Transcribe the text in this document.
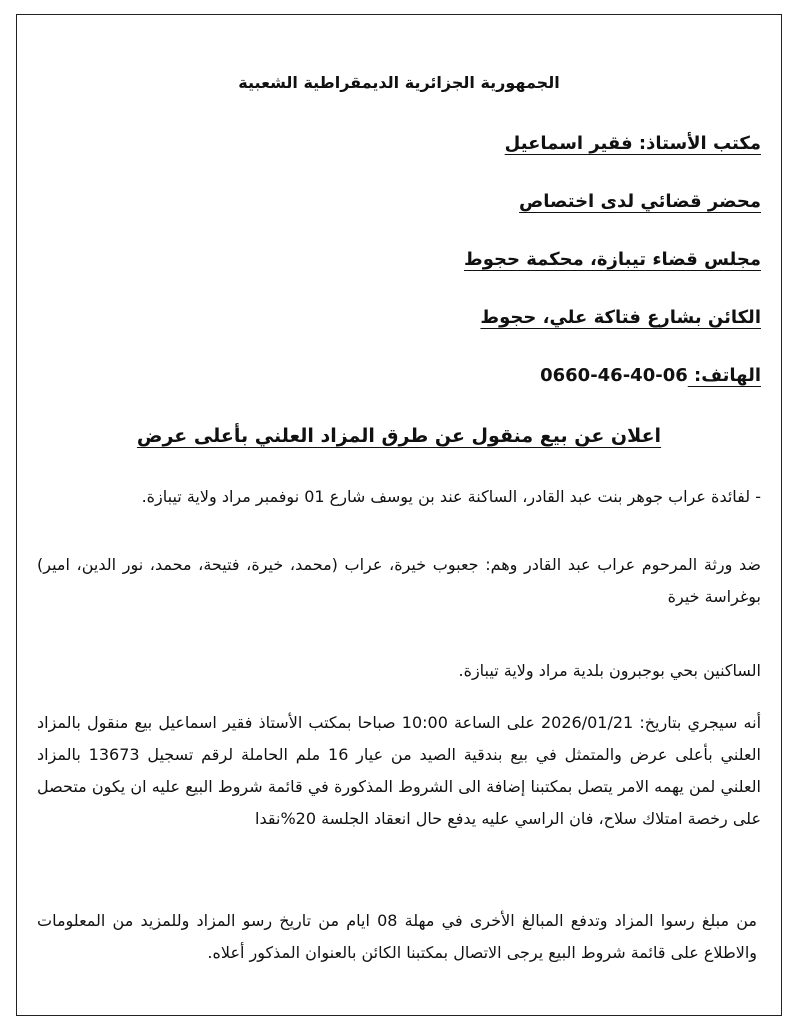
الجمهورية الجزائرية الديمقراطية الشعبية
مكتب الأستاذ: فقير اسماعيل
محضر قضائي لدى اختصاص
مجلس قضاء تيبازة، محكمة حجوط
الكائن بشارع فتاكة علي، حجوط
الهاتف: 0660-46-40-06
اعلان عن بيع منقول عن طرق المزاد العلني بأعلى عرض
- لفائدة عراب جوهر بنت عبد القادر، الساكنة عند بن يوسف شارع 01 نوفمبر مراد ولاية تيبازة.
ضد ورثة المرحوم عراب عبد القادر وهم: جعبوب خيرة، عراب (محمد، خيرة، فتيحة، محمد، نور الدين، امير) بوغراسة خيرة
الساكنين بحي بوجبرون بلدية مراد ولاية تيبازة.
أنه سيجري بتاريخ: 2026/01/21 على الساعة 10:00 صباحا بمكتب الأستاذ فقير اسماعيل بيع منقول بالمزاد العلني بأعلى عرض والمتمثل في بيع بندقية الصيد من عيار 16 ملم الحاملة لرقم تسجيل 13673 بالمزاد العلني لمن يهمه الامر يتصل بمكتبنا إضافة الى الشروط المذكورة في قائمة شروط البيع عليه ان يكون متحصل على رخصة امتلاك سلاح، فان الراسي عليه يدفع حال انعقاد الجلسة 20%نقدا
من مبلغ رسوا المزاد وتدفع المبالغ الأخرى في مهلة 08 ايام من تاريخ رسو المزاد وللمزيد من المعلومات والاطلاع على قائمة شروط البيع يرجى الاتصال بمكتبنا الكائن بالعنوان المذكور أعلاه.
